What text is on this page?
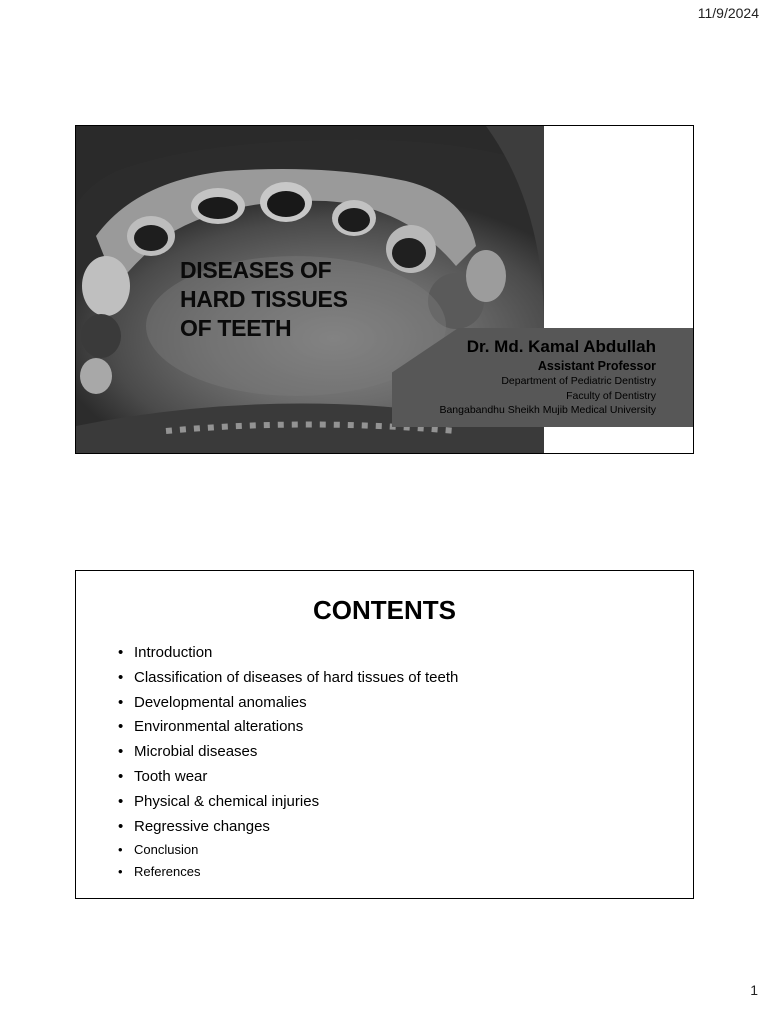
11/9/2024
DISEASES OF
HARD TISSUES
OF TEETH
Dr. Md. Kamal Abdullah
Assistant Professor
Department of Pediatric Dentistry
Faculty of Dentistry
Bangabandhu Sheikh Mujib Medical University
CONTENTS
• Introduction
• Classification of diseases of hard tissues of teeth
• Developmental anomalies
• Environmental alterations
• Microbial diseases
• Tooth wear
• Physical & chemical injuries
• Regressive changes
• Conclusion
• References
1
